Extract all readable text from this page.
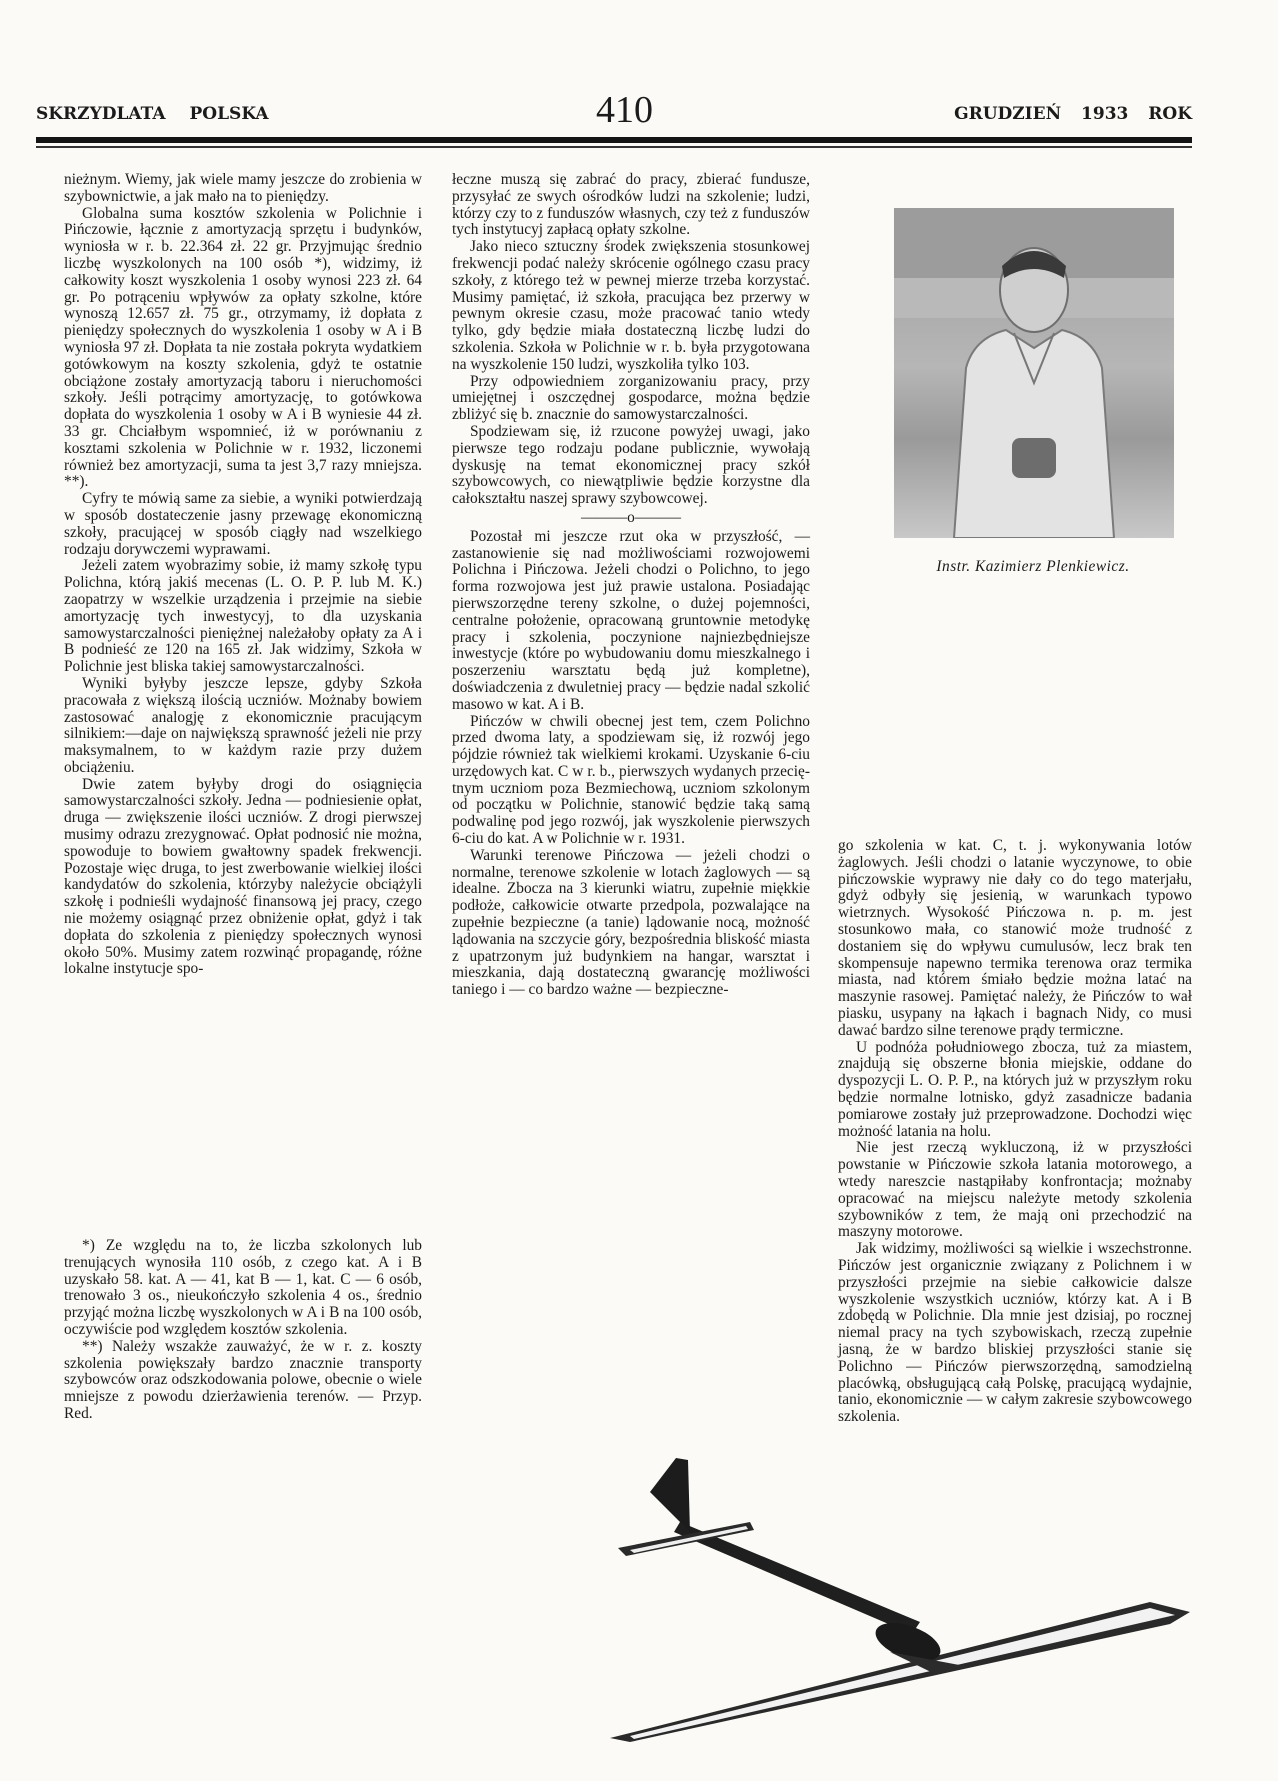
SKRZYDLATA POLSKA	410	GRUDZIEŃ 1933 ROK

nieżnym. Wiemy, jak wiele mamy jeszcze do zrobienia w szybownictwie, a jak mało na to pieniędzy.

Globalna suma kosztów szkolenia w Polichnie i Pińczowie, łącznie z amortyzacją sprzętu i budynków, wyniosła w r. b. 22.364 zł. 22 gr. Przyjmując średnio liczbę wyszkolonych na 100 osób *), widzimy, iż całkowity koszt wyszkolenia 1 osoby wynosi 223 zł. 64 gr. Po potrąceniu wpływów za opłaty szkolne, które wynoszą 12.657 zł. 75 gr., otrzymamy, iż dopłata z pieniędzy społecznych do wyszkolenia 1 osoby w A i B wyniosła 97 zł. Dopłata ta nie została pokryta wydatkiem gotówkowym na koszty szkolenia, gdyż te ostatnie obciążone zostały amortyzacją taboru i nieruchomości szkoły. Jeśli potrącimy amortyzację, to gotówkowa dopłata do wyszkolenia 1 osoby w A i B wyniesie 44 zł. 33 gr. Chciałbym wspomnieć, iż w porównaniu z kosztami szkolenia w Polichnie w r. 1932, liczonemi również bez amortyzacji, suma ta jest 3,7 razy mniejsza. **).

Cyfry te mówią same za siebie, a wyniki potwierdzają w sposób dostateczenie jasny przewagę ekonomiczną szkoły, pracującej w sposób ciągły nad wszelkiego rodzaju dorywczemi wyprawami.

Jeżeli zatem wyobrazimy sobie, iż mamy szkołę typu Polichna, którą jakiś mecenas (L. O. P. P. lub M. K.) zaopatrzy w wszelkie urządzenia i przejmie na siebie amortyzację tych inwestycyj, to dla uzyskania samowystarczalności pieniężnej należałoby opłaty za A i B podnieść ze 120 na 165 zł. Jak widzimy, Szkoła w Polichnie jest bliska takiej samowystarczalności.

Wyniki byłyby jeszcze lepsze, gdyby Szkoła pracowała z większą ilością uczniów. Możnaby bowiem zastosować analogję z ekonomicznie pracującym silnikiem:—daje on największą sprawność jeżeli nie przy maksymalnem, to w każdym razie przy dużem obciążeniu.

Dwie zatem byłyby drogi do osiągnięcia samowystarczalności szkoły. Jedna — podniesienie opłat, druga — zwiększenie ilości uczniów. Z drogi pierwszej musimy odrazu zrezygnować. Opłat podnosić nie można, spowoduje to bowiem gwałtowny spadek frekwencji. Pozostaje więc druga, to jest zwerbowanie wielkiej ilości kandydatów do szkolenia, którzyby należycie obciążyli szkołę i podnieśli wydajność finansową jej pracy, czego nie możemy osiągnąć przez obniżenie opłat, gdyż i tak dopłata do szkolenia z pieniędzy społecznych wynosi około 50%. Musimy zatem rozwinąć propagandę, różne lokalne instytucje spo-

*) Ze względu na to, że liczba szkolonych lub trenujących wynosiła 110 osób, z czego kat. A i B uzyskało 58. kat. A — 41, kat B — 1, kat. C — 6 osób, trenowało 3 os., nieukończyło szkolenia 4 os., średnio przyjąć można liczbę wyszkolonych w A i B na 100 osób, oczywiście pod względem kosztów szkolenia.

**) Należy wszakże zauważyć, że w r. z. koszty szkolenia powiększały bardzo znacznie transporty szybowców oraz odszkodowania polowe, obecnie o wiele mniejsze z powodu dzierżawienia terenów. — Przyp. Red.

łeczne muszą się zabrać do pracy, zbierać fundusze, przysyłać ze swych ośrodków ludzi na szkolenie; ludzi, którzy czy to z funduszów własnych, czy też z funduszów tych instytucyj zapłacą opłaty szkolne.

Jako nieco sztuczny środek zwiększenia stosunkowej frekwencji podać należy skrócenie ogólnego czasu pracy szkoły, z którego też w pewnej mierze trzeba korzystać. Musimy pamiętać, iż szkoła, pracująca bez przerwy w pewnym okresie czasu, może pracować tanio wtedy tylko, gdy będzie miała dostateczną liczbę ludzi do szkolenia. Szkoła w Polichnie w r. b. była przygotowana na wyszkolenie 150 ludzi, wyszkoliła tylko 103.

Przy odpowiedniem zorganizowaniu pracy, przy umiejętnej i oszczędnej gospodarce, można będzie zbliżyć się b. znacznie do samowystarczalności.

Spodziewam się, iż rzucone powyżej uwagi, jako pierwsze tego rodzaju podane publicznie, wywołają dyskusję na temat ekonomicznej pracy szkół szybowcowych, co niewątpliwie będzie korzystne dla całokształtu naszej sprawy szybowcowej.

———o———

Pozostał mi jeszcze rzut oka w przyszłość, — zastanowienie się nad możliwościami rozwojowemi Polichna i Pińczowa. Jeżeli chodzi o Polichno, to jego forma rozwojowa jest już prawie ustalona. Posiadając pierwszorzędne tereny szkolne, o dużej pojemności, centralne położenie, opracowaną gruntownie metodykę pracy i szkolenia, poczynione najniezbędniejsze inwestycje (które po wybudowaniu domu mieszkalnego i poszerzeniu warsztatu będą już kompletne), doświadczenia z dwuletniej pracy — będzie nadal szkolić masowo w kat. A i B.

Pińczów w chwili obecnej jest tem, czem Polichno przed dwoma laty, a spodziewam się, iż rozwój jego pójdzie również tak wielkiemi krokami. Uzyskanie 6-ciu urzędowych kat. C w r. b., pierwszych wydanych przecię-tnym uczniom poza Bezmiechową, uczniom szkolonym od początku w Polichnie, stanowić będzie taką samą podwalinę pod jego rozwój, jak wyszkolenie pierwszych 6-ciu do kat. A w Polichnie w r. 1931.

Warunki terenowe Pińczowa — jeżeli chodzi o normalne, terenowe szkolenie w lotach żaglowych — są idealne. Zbocza na 3 kierunki wiatru, zupełnie miękkie podłoże, całkowicie otwarte przedpola, pozwalające na zupełnie bezpieczne (a tanie) lądowanie nocą, możność lądowania na szczycie góry, bezpośrednia bliskość miasta z upatrzonym już budynkiem na hangar, warsztat i mieszkania, dają dostateczną gwarancję możliwości taniego i — co bardzo ważne — bezpieczne-

Instr. Kazimierz Plenkiewicz.

go szkolenia w kat. C, t. j. wykonywania lotów żaglowych. Jeśli chodzi o latanie wyczynowe, to obie pińczowskie wyprawy nie dały co do tego materjału, gdyż odbyły się jesienią, w warunkach typowo wietrznych. Wysokość Pińczowa n. p. m. jest stosunkowo mała, co stanowić może trudność z dostaniem się do wpływu cumulusów, lecz brak ten skompensuje napewno termika terenowa oraz termika miasta, nad którem śmiało będzie można latać na maszynie rasowej. Pamiętać należy, że Pińczów to wał piasku, usypany na łąkach i bagnach Nidy, co musi dawać bardzo silne terenowe prądy termiczne.

U podnóża południowego zbocza, tuż za miastem, znajdują się obszerne błonia miejskie, oddane do dyspozycji L. O. P. P., na których już w przyszłym roku będzie normalne lotnisko, gdyż zasadnicze badania pomiarowe zostały już przeprowadzone. Dochodzi więc możność latania na holu.

Nie jest rzeczą wykluczoną, iż w przyszłości powstanie w Pińczowie szkoła latania motorowego, a wtedy nareszcie nastąpiłaby konfrontacja; możnaby opracować na miejscu należyte metody szkolenia szybowników z tem, że mają oni przechodzić na maszyny motorowe.

Jak widzimy, możliwości są wielkie i wszechstronne. Pińczów jest organicznie związany z Polichnem i w przyszłości przejmie na siebie całkowicie dalsze wyszkolenie wszystkich uczniów, którzy kat. A i B zdobędą w Polichnie. Dla mnie jest dzisiaj, po rocznej niemal pracy na tych szybowiskach, rzeczą zupełnie jasną, że w bardzo bliskiej przyszłości stanie się Polichno — Pińczów pierwszorzędną, samodzielną placówką, obsługującą całą Polskę, pracującą wydajnie, tanio, ekonomicznie — w całym zakresie szybowcowego szkolenia.
